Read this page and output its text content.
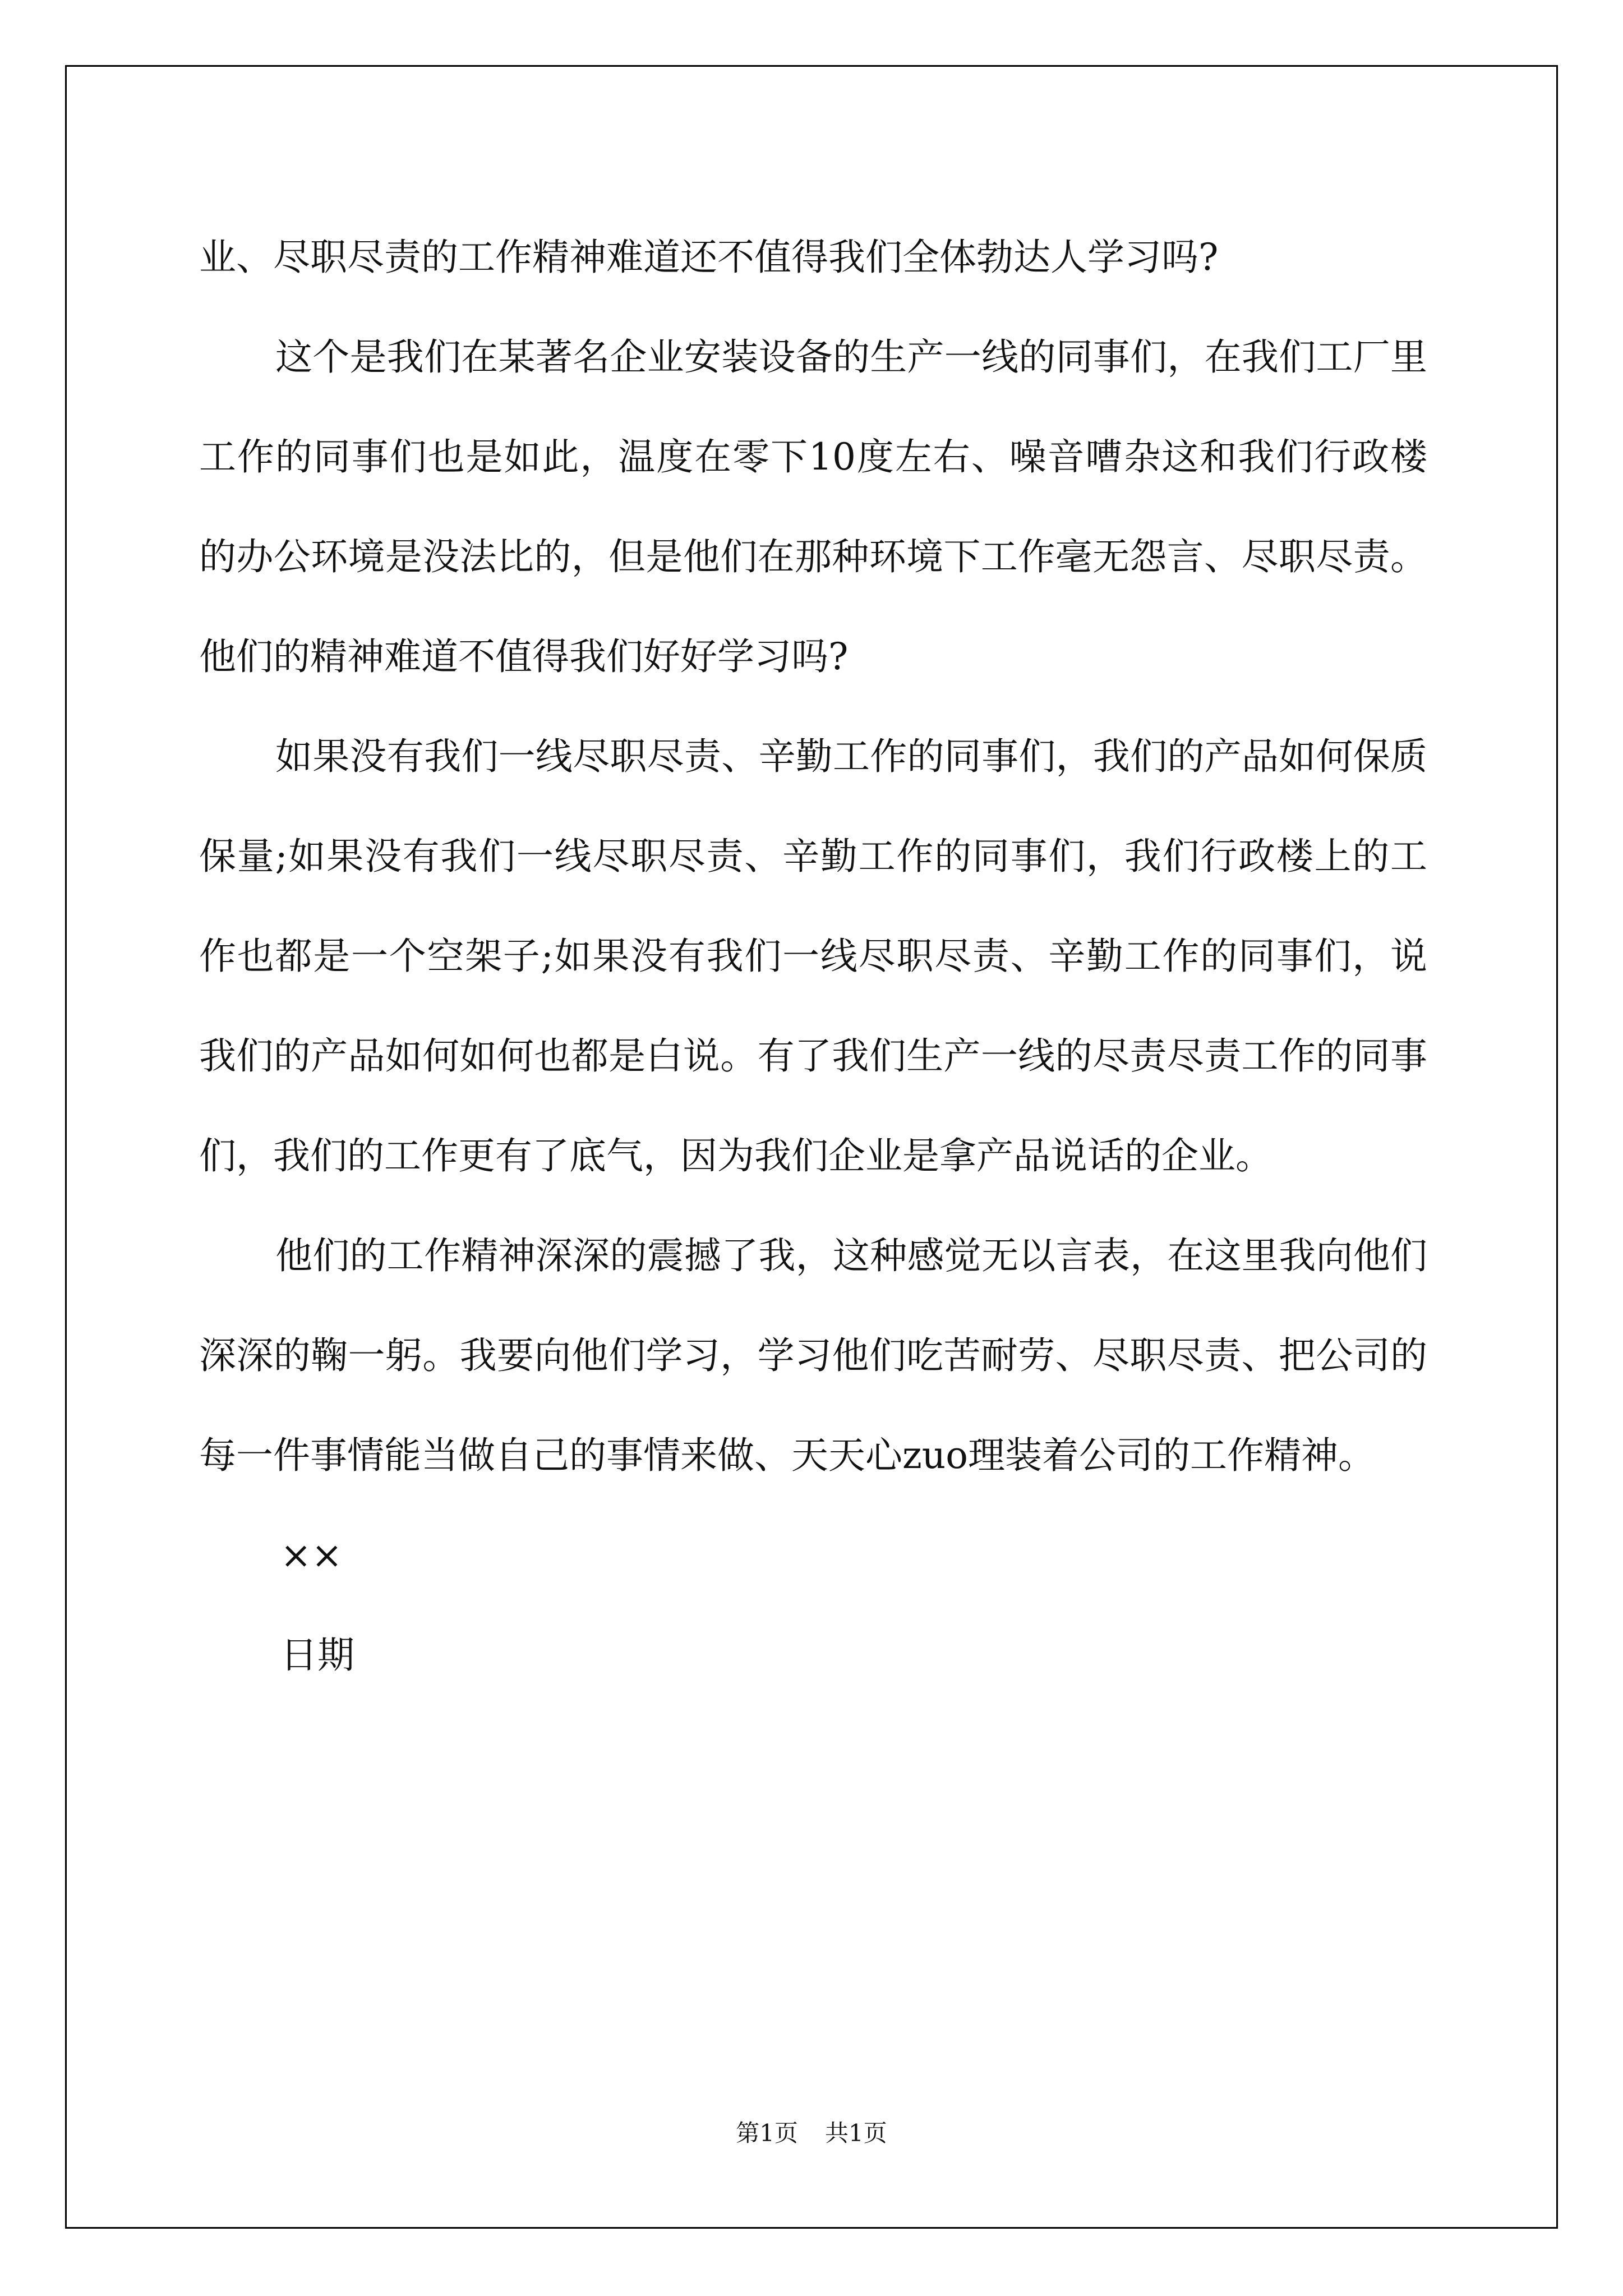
业、尽职尽责的工作精神难道还不值得我们全体勃达人学习吗?

这个是我们在某著名企业安装设备的生产一线的同事们，在我们工厂里工作的同事们也是如此，温度在零下10度左右、噪音嘈杂这和我们行政楼的办公环境是没法比的，但是他们在那种环境下工作毫无怨言、尽职尽责。他们的精神难道不值得我们好好学习吗?

如果没有我们一线尽职尽责、辛勤工作的同事们，我们的产品如何保质保量;如果没有我们一线尽职尽责、辛勤工作的同事们，我们行政楼上的工作也都是一个空架子;如果没有我们一线尽职尽责、辛勤工作的同事们，说我们的产品如何如何也都是白说。有了我们生产一线的尽责尽责工作的同事们，我们的工作更有了底气，因为我们企业是拿产品说话的企业。

他们的工作精神深深的震撼了我，这种感觉无以言表，在这里我向他们深深的鞠一躬。我要向他们学习，学习他们吃苦耐劳、尽职尽责、把公司的每一件事情能当做自己的事情来做、天天心zuo理装着公司的工作精神。

××

日期

第1页 共1页
